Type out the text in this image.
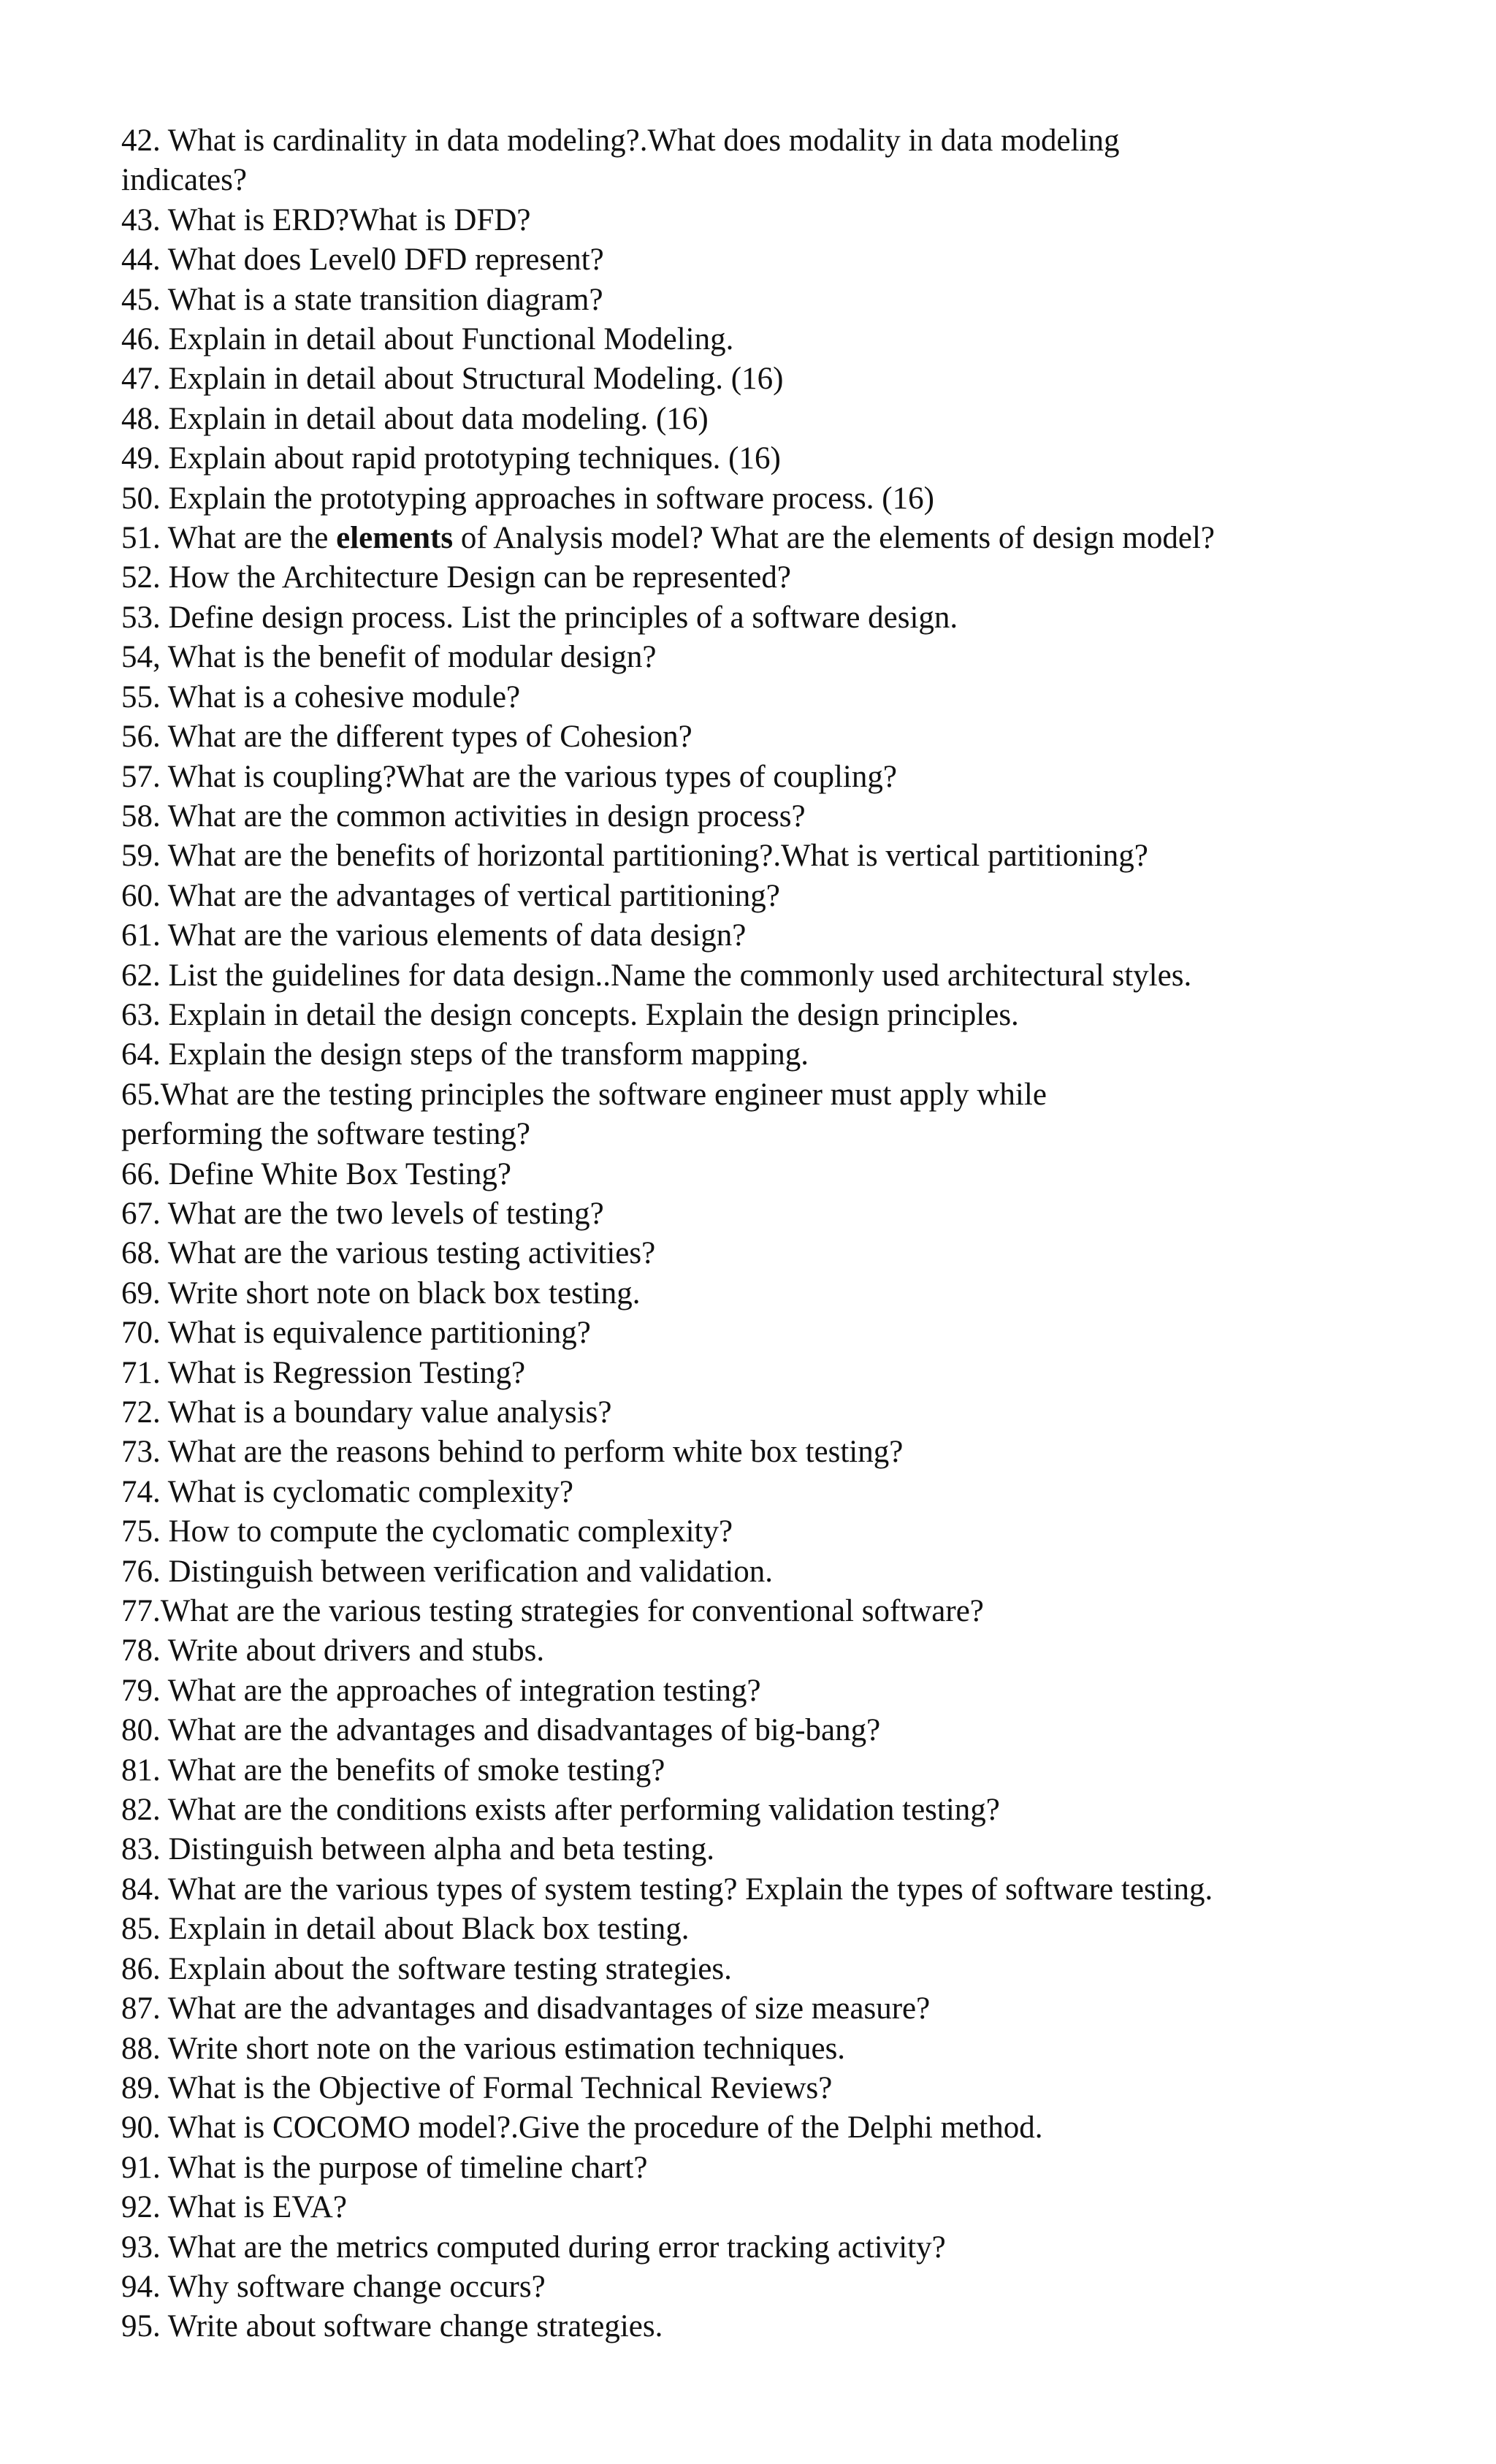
42. What is cardinality in data modeling?.What does modality in data modeling
indicates?
43. What is ERD?What is DFD?
44. What does Level0 DFD represent?
45. What is a state transition diagram?
46. Explain in detail about Functional Modeling.
47. Explain in detail about Structural Modeling. (16)
48. Explain in detail about data modeling. (16)
49. Explain about rapid prototyping techniques. (16)
50. Explain the prototyping approaches in software process. (16)
51. What are the elements of Analysis model? What are the elements of design model?
52. How the Architecture Design can be represented?
53. Define design process. List the principles of a software design.
54, What is the benefit of modular design?
55. What is a cohesive module?
56. What are the different types of Cohesion?
57. What is coupling?What are the various types of coupling?
58. What are the common activities in design process?
59. What are the benefits of horizontal partitioning?.What is vertical partitioning?
60. What are the advantages of vertical partitioning?
61. What are the various elements of data design?
62. List the guidelines for data design..Name the commonly used architectural styles.
63. Explain in detail the design concepts. Explain the design principles.
64. Explain the design steps of the transform mapping.
65.What are the testing principles the software engineer must apply while
performing the software testing?
66. Define White Box Testing?
67. What are the two levels of testing?
68. What are the various testing activities?
69. Write short note on black box testing.
70. What is equivalence partitioning?
71. What is Regression Testing?
72. What is a boundary value analysis?
73. What are the reasons behind to perform white box testing?
74. What is cyclomatic complexity?
75. How to compute the cyclomatic complexity?
76. Distinguish between verification and validation.
77.What are the various testing strategies for conventional software?
78. Write about drivers and stubs.
79. What are the approaches of integration testing?
80. What are the advantages and disadvantages of big-bang?
81. What are the benefits of smoke testing?
82. What are the conditions exists after performing validation testing?
83. Distinguish between alpha and beta testing.
84. What are the various types of system testing? Explain the types of software testing.
85. Explain in detail about Black box testing.
86. Explain about the software testing strategies.
87. What are the advantages and disadvantages of size measure?
88. Write short note on the various estimation techniques.
89. What is the Objective of Formal Technical Reviews?
90. What is COCOMO model?.Give the procedure of the Delphi method.
91. What is the purpose of timeline chart?
92. What is EVA?
93. What are the metrics computed during error tracking activity?
94. Why software change occurs?
95. Write about software change strategies.
